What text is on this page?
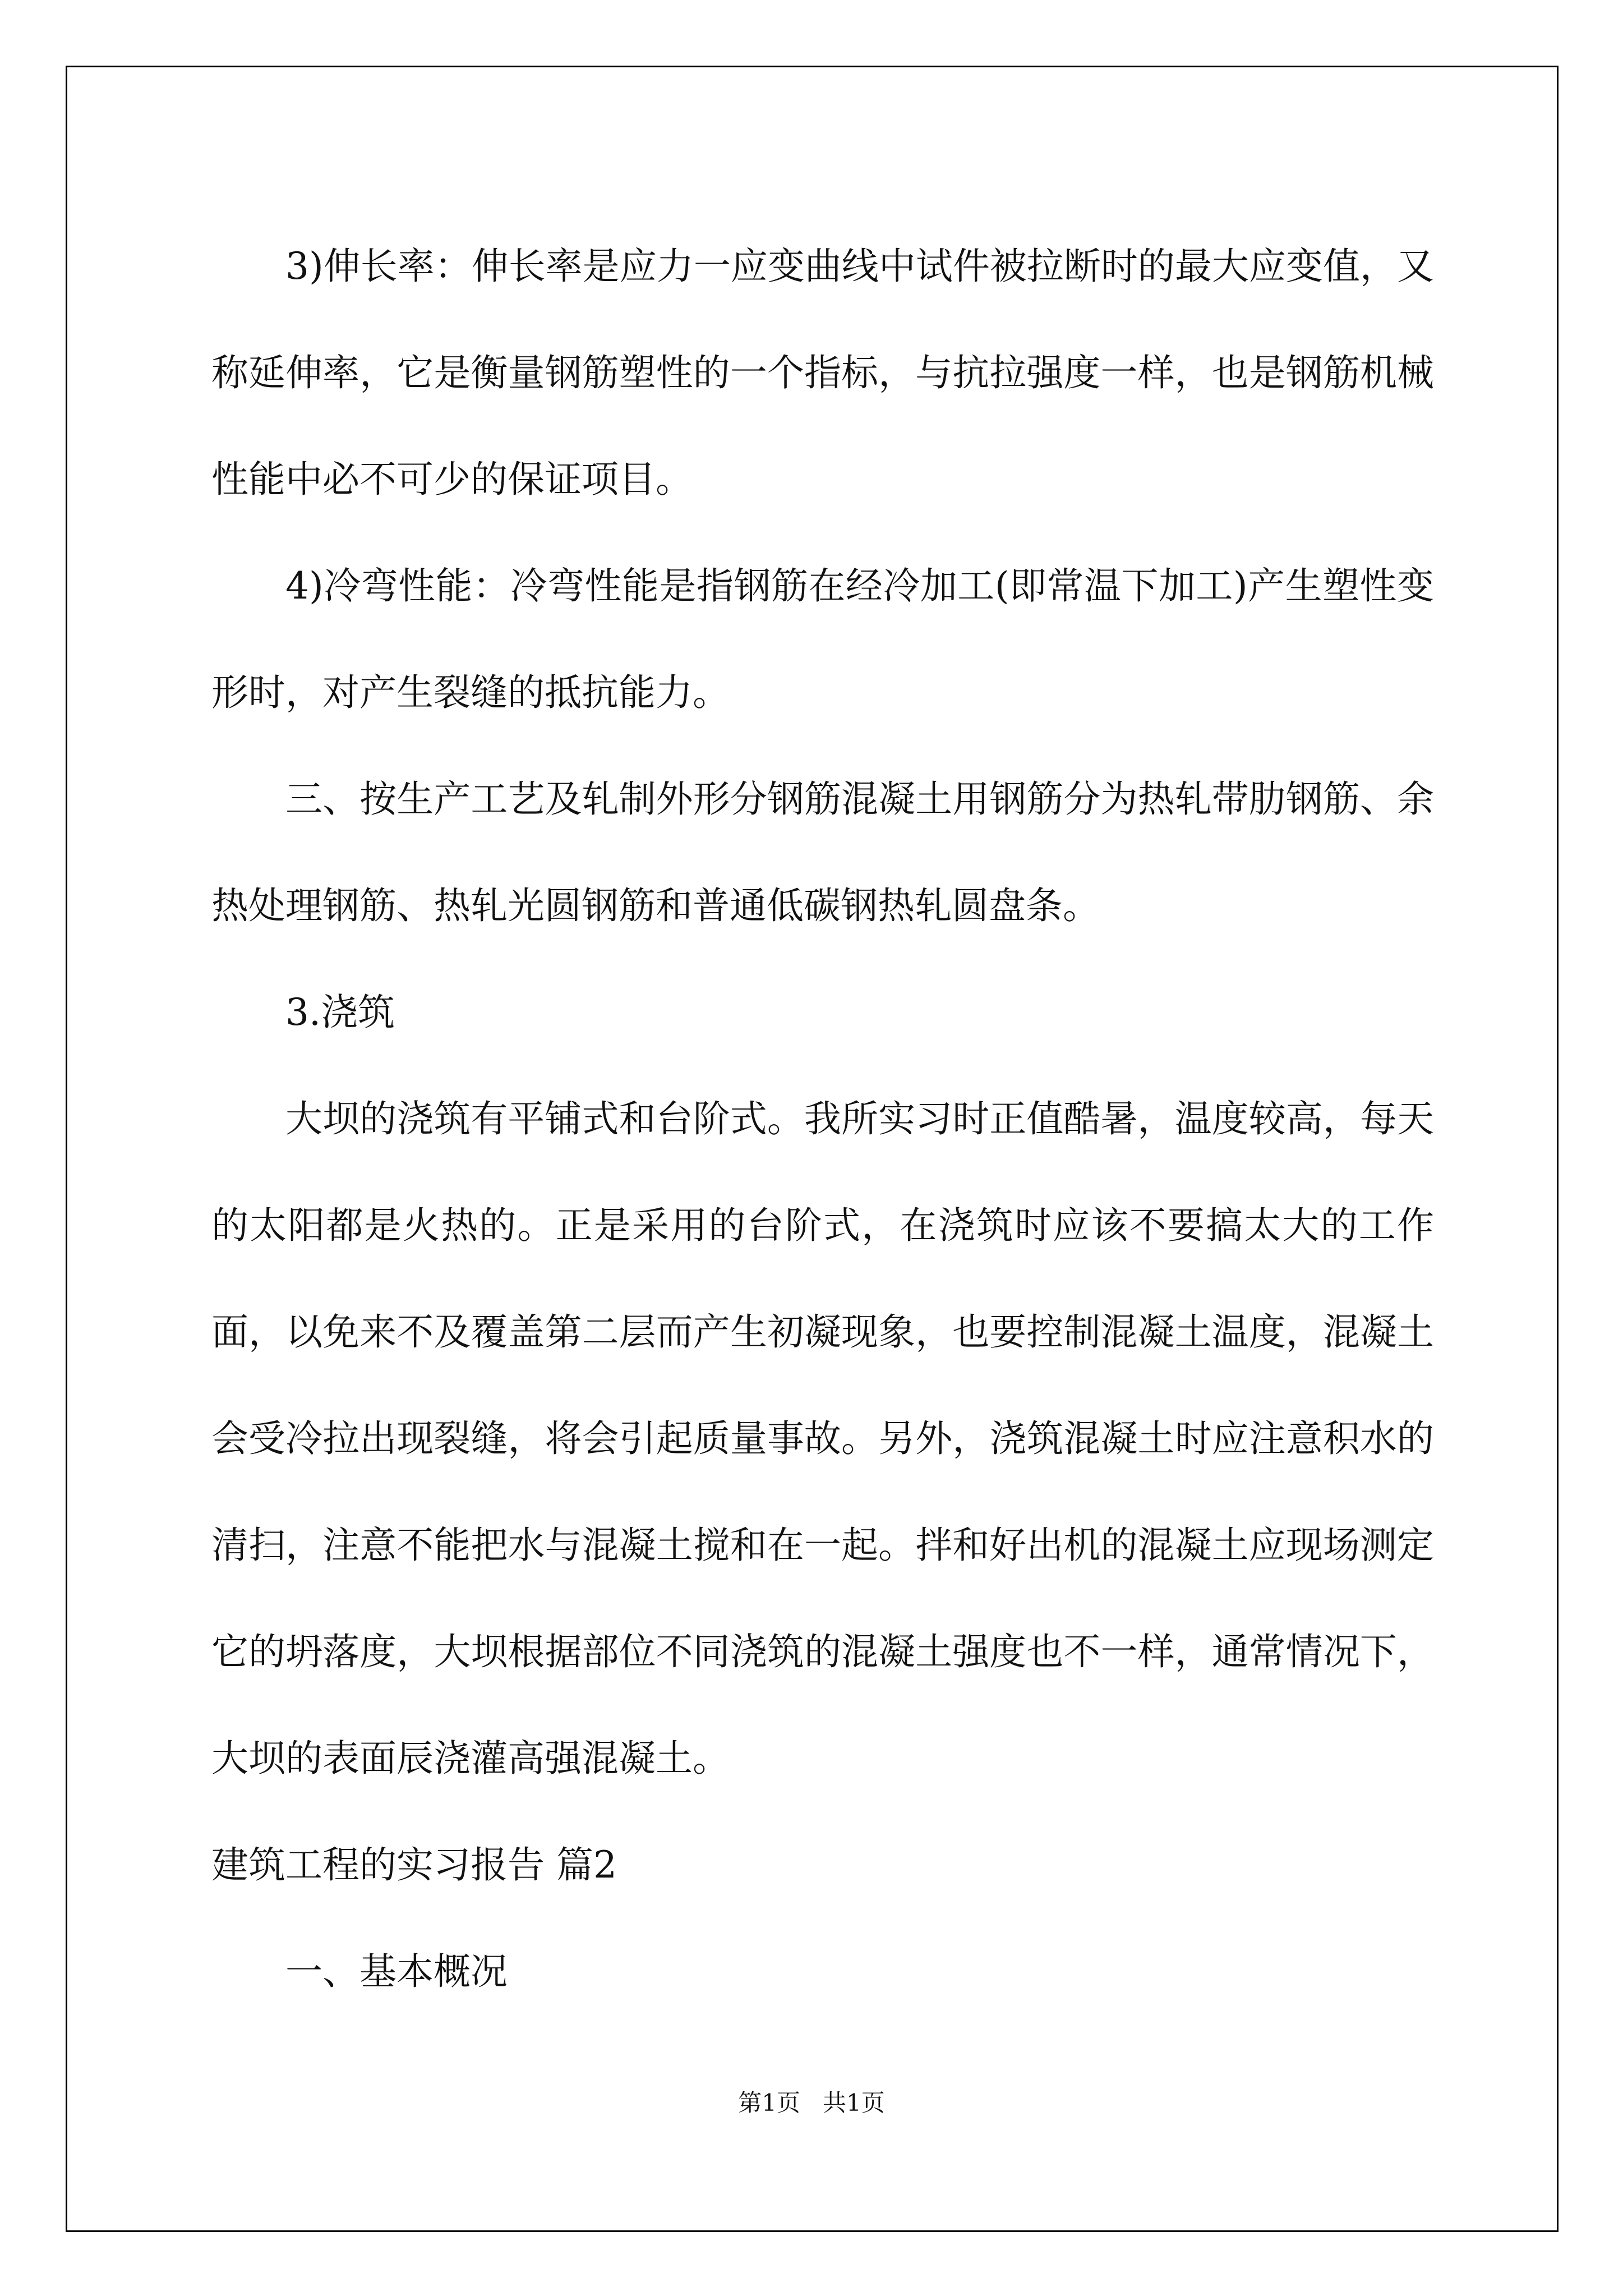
3)伸长率：伸长率是应力一应变曲线中试件被拉断时的最大应变值，又称延伸率，它是衡量钢筋塑性的一个指标，与抗拉强度一样，也是钢筋机械性能中必不可少的保证项目。

4)冷弯性能：冷弯性能是指钢筋在经冷加工(即常温下加工)产生塑性变形时，对产生裂缝的抵抗能力。

三、按生产工艺及轧制外形分钢筋混凝土用钢筋分为热轧带肋钢筋、余热处理钢筋、热轧光圆钢筋和普通低碳钢热轧圆盘条。

3.浇筑

大坝的浇筑有平铺式和台阶式。我所实习时正值酷暑，温度较高，每天的太阳都是火热的。正是采用的台阶式，在浇筑时应该不要搞太大的工作面，以免来不及覆盖第二层而产生初凝现象，也要控制混凝土温度，混凝土会受冷拉出现裂缝，将会引起质量事故。另外，浇筑混凝土时应注意积水的清扫，注意不能把水与混凝土搅和在一起。拌和好出机的混凝土应现场测定它的坍落度，大坝根据部位不同浇筑的混凝土强度也不一样，通常情况下，大坝的表面辰浇灌高强混凝土。

建筑工程的实习报告 篇2

一、基本概况

第1页   共1页
